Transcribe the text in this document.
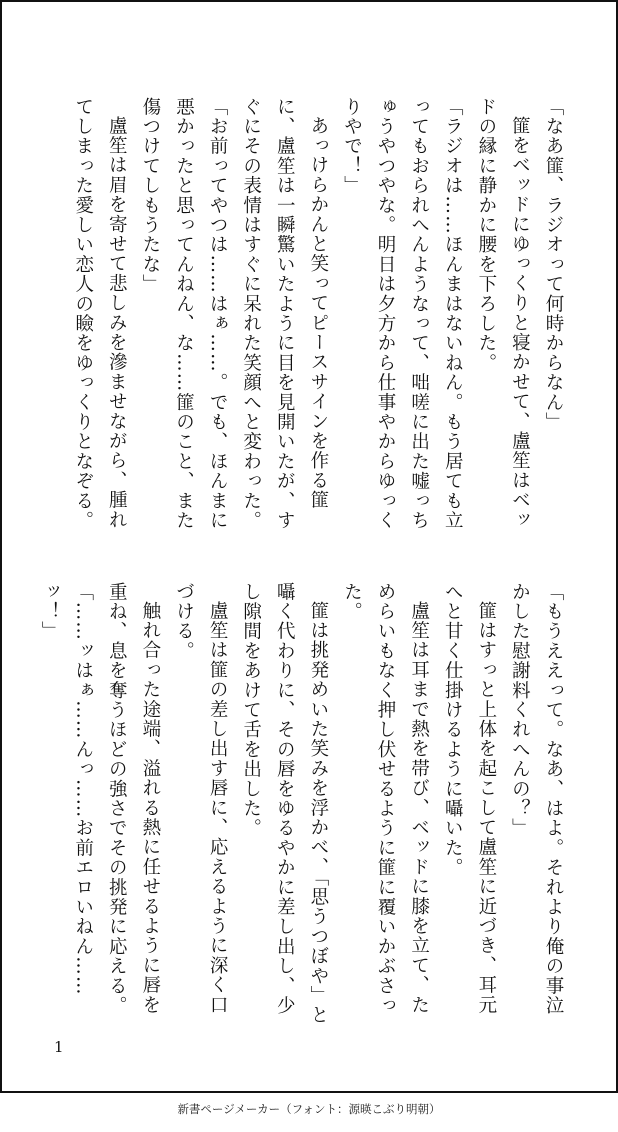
「なあ篚、ラジオって何時からなん」

篚をベッドにゆっくりと寝かせて、盧笙はベッドの縁に静かに腰を下ろした。

「ラジオは……ほんまはないねん。もう居ても立ってもおられへんようなって、咄嗟に出た嘘っちゅうやつやな。明日は夕方から仕事やからゆっくりやで！」

あっけらかんと笑ってピースサインを作る篚に、盧笙は一瞬驚いたように目を見開いたが、すぐにその表情はすぐに呆れた笑顔へと変わった。

「お前ってやつは……はぁ……。でも、ほんまに悪かったと思ってんねん、な……篚のこと、また傷つけてしもうたな」

盧笙は眉を寄せて悲しみを滲ませながら、腫れてしまった愛しい恋人の瞼をゆっくりとなぞる。

「もうええって。なあ、はよ。それより俺の事泣かした慰謝料くれへんの？」

篚はすっと上体を起こして盧笙に近づき、耳元へと甘く仕掛けるように囁いた。

盧笙は耳まで熱を帯び、ベッドに膝を立て、ためらいもなく押し伏せるように篚に覆いかぶさった。

篚は挑発めいた笑みを浮かべ、「思うつぼや」と囁く代わりに、その唇をゆるやかに差し出し、少し隙間をあけて舌を出した。

盧笙は篚の差し出す唇に、応えるように深く口づける。

触れ合った途端、溢れる熱に任せるように唇を重ね、息を奪うほどの強さでその挑発に応える。

「……ッはぁ……んっ……お前エロいねん……ッ！」

1
新書ページメーカー（フォント：源暎こぶり明朝）
